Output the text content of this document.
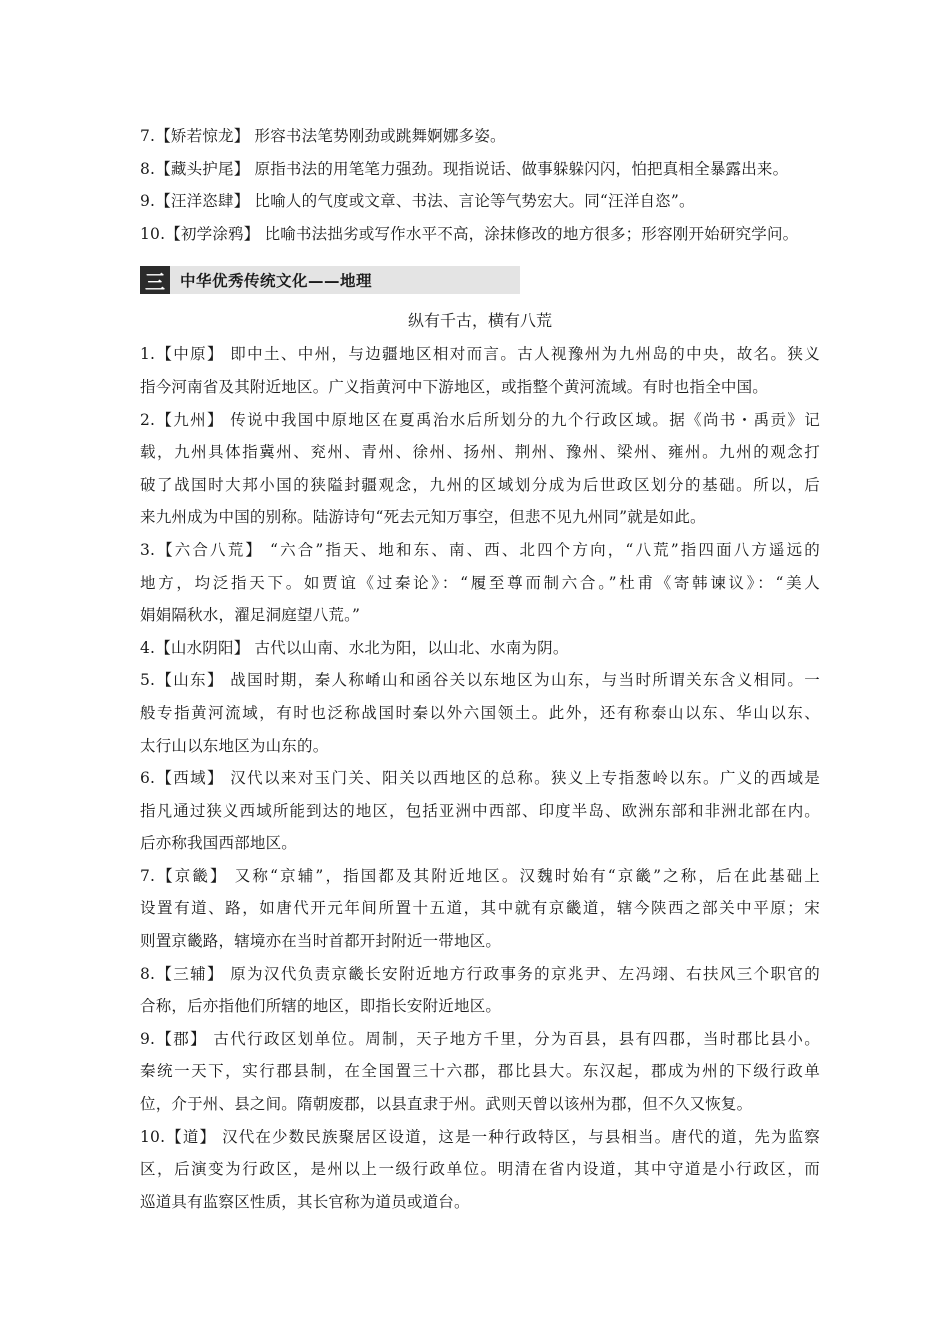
7.【矫若惊龙】 形容书法笔势刚劲或跳舞婀娜多姿。

8.【藏头护尾】 原指书法的用笔笔力强劲。现指说话、做事躲躲闪闪，怕把真相全暴露出来。

9.【汪洋恣肆】 比喻人的气度或文章、书法、言论等气势宏大。同“汪洋自恣”。

10.【初学涂鸦】 比喻书法拙劣或写作水平不高，涂抹修改的地方很多；形容刚开始研究学问。

三 中华优秀传统文化——地理
纵有千古，横有八荒

1.【中原】 即中土、中州，与边疆地区相对而言。古人视豫州为九州岛的中央，故名。狭义
指今河南省及其附近地区。广义指黄河中下游地区，或指整个黄河流域。有时也指全中国。

2.【九州】 传说中我国中原地区在夏禹治水后所划分的九个行政区域。据《尚书・禹贡》记
载，九州具体指冀州、兖州、青州、徐州、扬州、荆州、豫州、梁州、雍州。九州的观念打
破了战国时大邦小国的狭隘封疆观念，九州的区域划分成为后世政区划分的基础。所以，后
来九州成为中国的别称。陆游诗句“死去元知万事空，但悲不见九州同”就是如此。

3.【六合八荒】 “六合”指天、地和东、南、西、北四个方向，“八荒”指四面八方遥远的
地方，均泛指天下。如贾谊《过秦论》：“履至尊而制六合。”杜甫《寄韩谏议》：“美人
娟娟隔秋水，濯足洞庭望八荒。”

4.【山水阴阳】 古代以山南、水北为阳，以山北、水南为阴。

5.【山东】 战国时期，秦人称崤山和函谷关以东地区为山东，与当时所谓关东含义相同。一
般专指黄河流域，有时也泛称战国时秦以外六国领土。此外，还有称泰山以东、华山以东、
太行山以东地区为山东的。

6.【西域】 汉代以来对玉门关、阳关以西地区的总称。狭义上专指葱岭以东。广义的西域是
指凡通过狭义西域所能到达的地区，包括亚洲中西部、印度半岛、欧洲东部和非洲北部在内。
后亦称我国西部地区。

7.【京畿】 又称“京辅”，指国都及其附近地区。汉魏时始有“京畿”之称，后在此基础上
设置有道、路，如唐代开元年间所置十五道，其中就有京畿道，辖今陕西之部关中平原；宋
则置京畿路，辖境亦在当时首都开封附近一带地区。

8.【三辅】 原为汉代负责京畿长安附近地方行政事务的京兆尹、左冯翊、右扶风三个职官的
合称，后亦指他们所辖的地区，即指长安附近地区。

9.【郡】 古代行政区划单位。周制，天子地方千里，分为百县，县有四郡，当时郡比县小。
秦统一天下，实行郡县制，在全国置三十六郡，郡比县大。东汉起，郡成为州的下级行政单
位，介于州、县之间。隋朝废郡，以县直隶于州。武则天曾以该州为郡，但不久又恢复。

10.【道】 汉代在少数民族聚居区设道，这是一种行政特区，与县相当。唐代的道，先为监察
区，后演变为行政区，是州以上一级行政单位。明清在省内设道，其中守道是小行政区，而
巡道具有监察区性质，其长官称为道员或道台。
